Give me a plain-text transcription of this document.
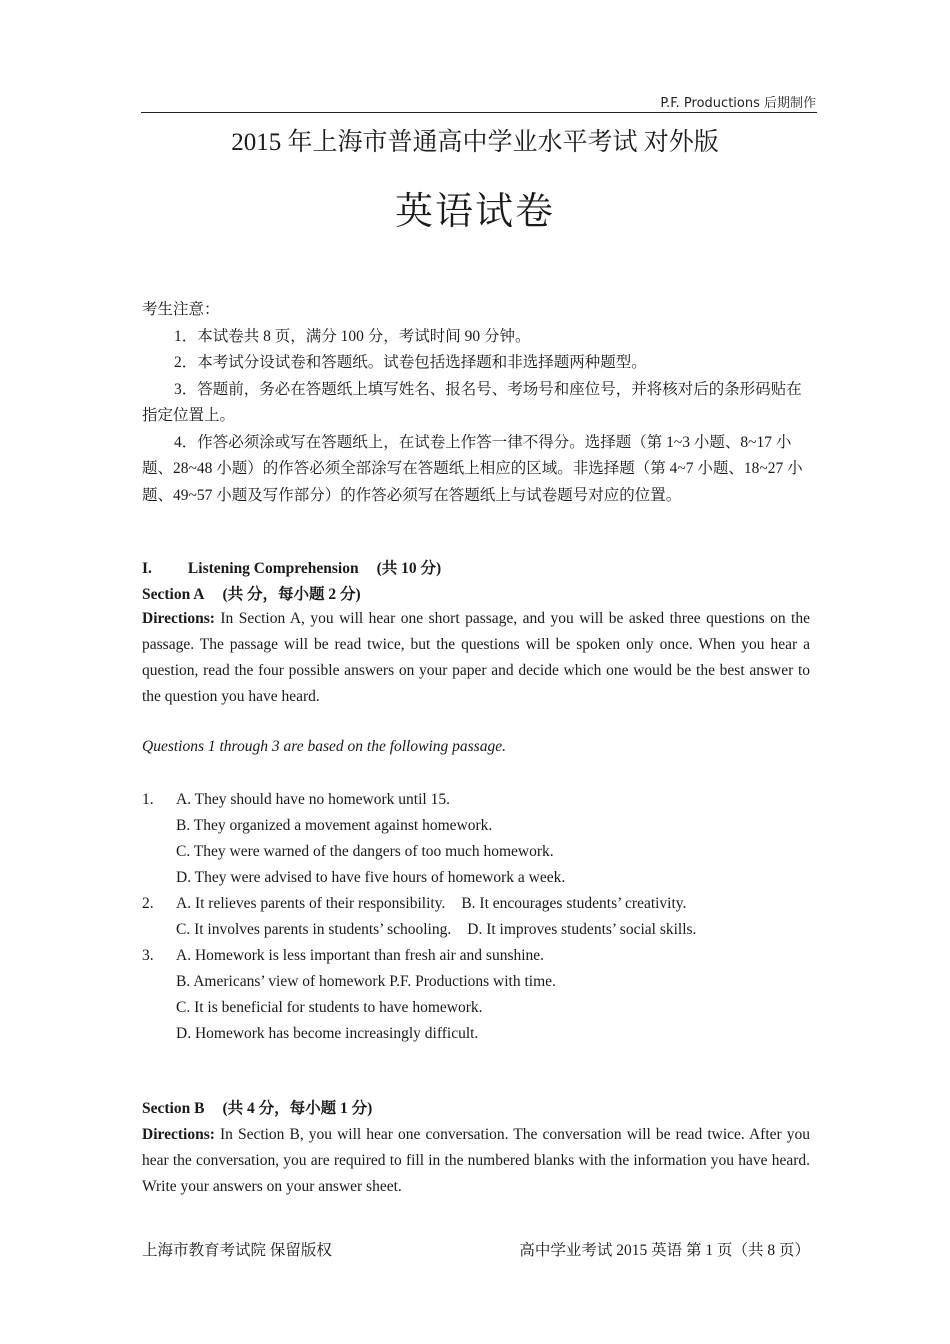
P.F. Productions 后期制作
2015 年上海市普通高中学业水平考试 对外版
英语试卷

考生注意：

1．本试卷共 8 页，满分 100 分，考试时间 90 分钟。

2．本考试分设试卷和答题纸。试卷包括选择题和非选择题两种题型。

3．答题前，务必在答题纸上填写姓名、报名号、考场号和座位号，并将核对后的条形码贴在指定位置上。

4．作答必须涂或写在答题纸上，在试卷上作答一律不得分。选择题（第 1~3 小题、8~17 小题、28~48 小题）的作答必须全部涂写在答题纸上相应的区域。非选择题（第 4~7 小题、18~27 小题、49~57 小题及写作部分）的作答必须写在答题纸上与试卷题号对应的位置。

I. Listening Comprehension (共 10 分)

Section A (共 分，每小题 2 分)

Directions: In Section A, you will hear one short passage, and you will be asked three questions on the passage. The passage will be read twice, but the questions will be spoken only once. When you hear a question, read the four possible answers on your paper and decide which one would be the best answer to the question you have heard.

Questions 1 through 3 are based on the following passage.
1.	A. They should have no homework until 15.
B. They organized a movement against homework.
C. They were warned of the dangers of too much homework.
D. They were advised to have five hours of homework a week.
2.	A. It relieves parents of their responsibility. B. It encourages students’ creativity.
C. It involves parents in students’ schooling. D. It improves students’ social skills.
3.	A. Homework is less important than fresh air and sunshine.
B. Americans’ view of homework P.F. Productions with time.
C. It is beneficial for students to have homework.
D. Homework has become increasingly difficult.

Section B (共 4 分，每小题 1 分)

Directions: In Section B, you will hear one conversation. The conversation will be read twice. After you hear the conversation, you are required to fill in the numbered blanks with the information you have heard. Write your answers on your answer sheet.

上海市教育考试院 保留版权	高中学业考试 2015 英语 第 1 页（共 8 页）
